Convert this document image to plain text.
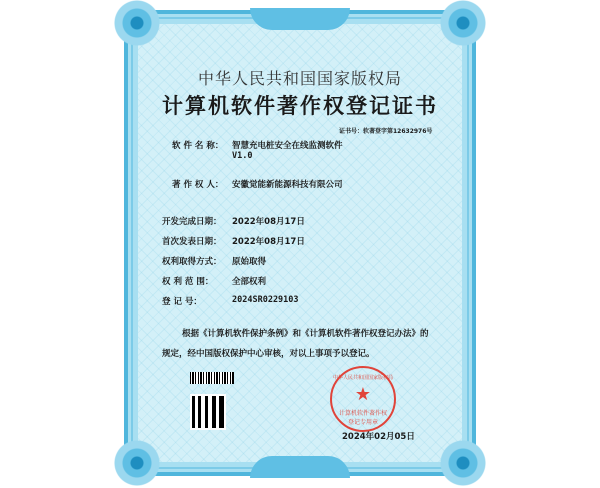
中华人民共和国国家版权局
计算机软件著作权登记证书
证书号：软著登字第12632976号
软 件 名 称： 智慧充电桩安全在线监测软件
V1.0
著 作 权 人： 安徽觉能新能源科技有限公司
开发完成日期： 2022年08月17日
首次发表日期： 2022年08月17日
权利取得方式： 原始取得
权 利 范 围： 全部权利
登 记 号：	2024SR0229103
根据《计算机软件保护条例》和《计算机软件著作权登记办法》的
规定，经中国版权保护中心审核，对以上事项予以登记。
中华人民共和国国家版权局
★
计算机软件著作权
登记专用章
2024年02月05日
